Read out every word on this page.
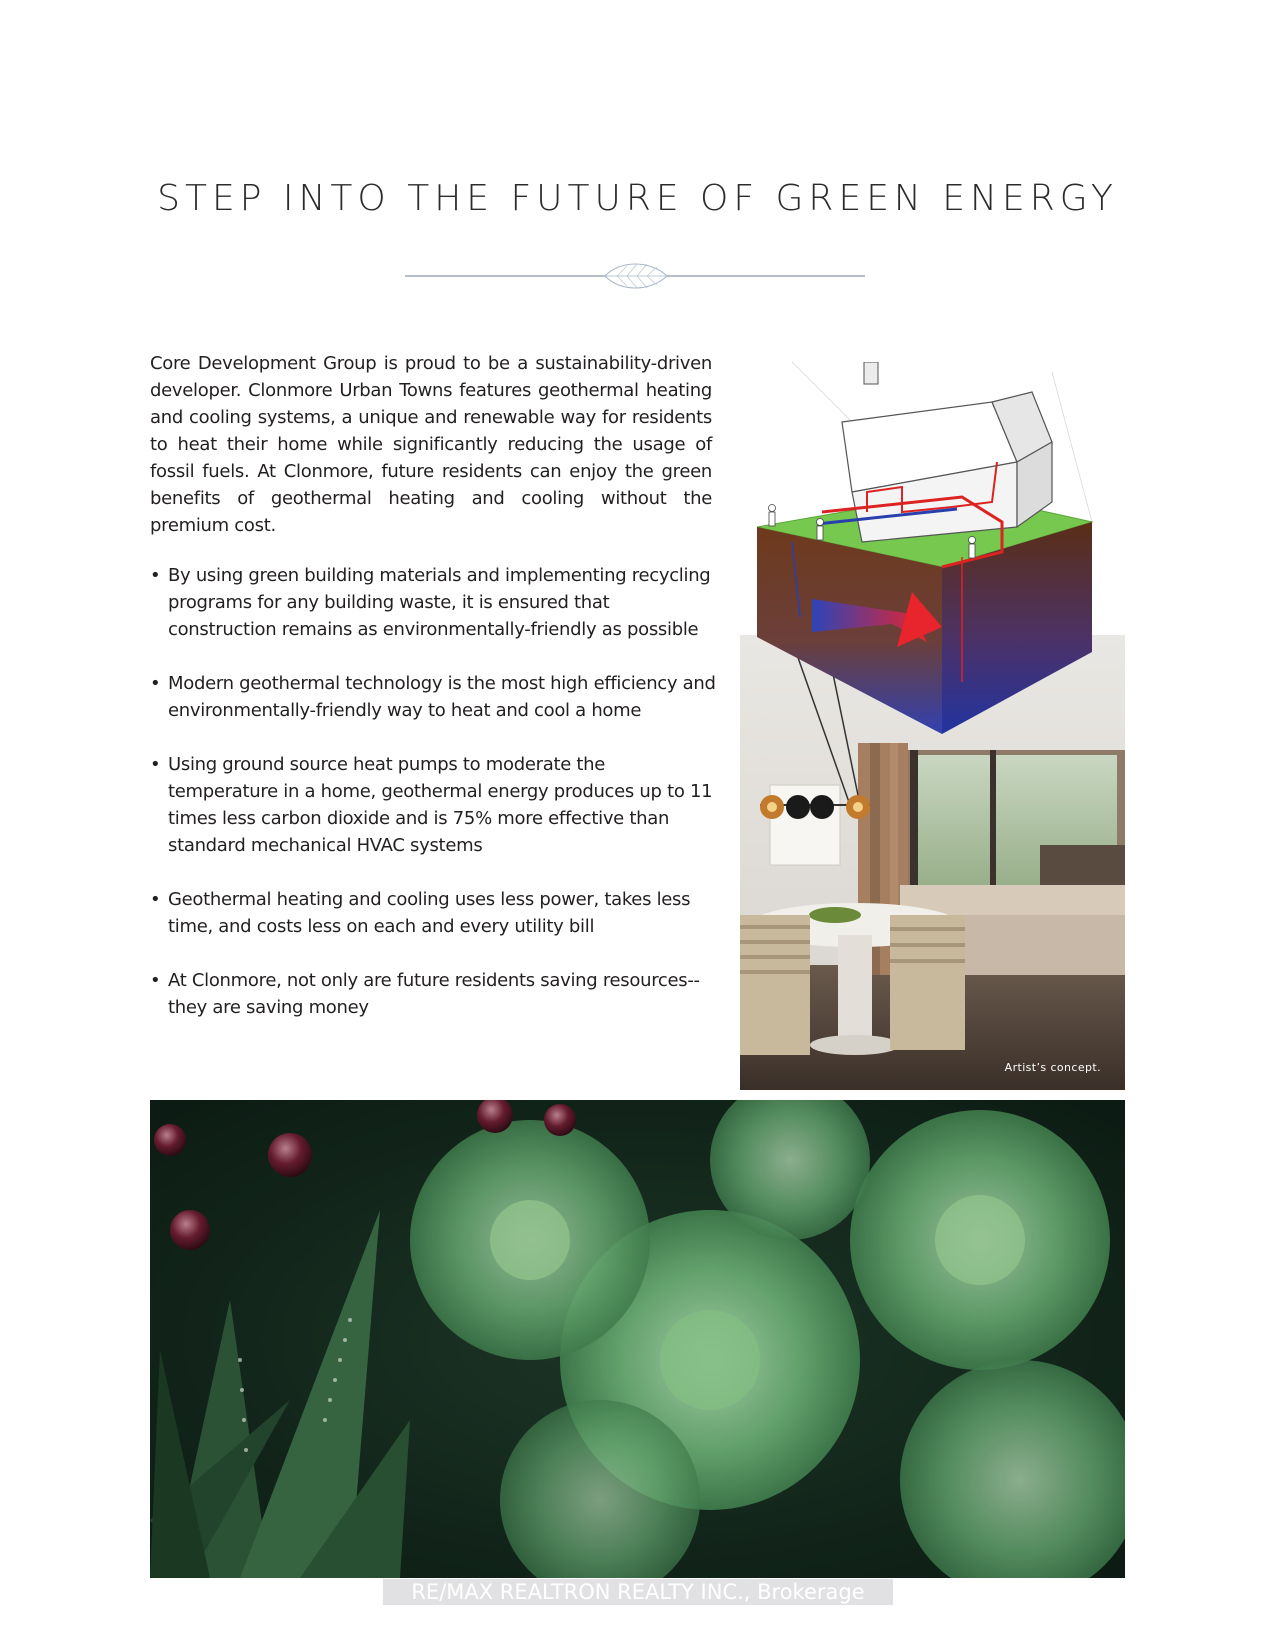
STEP INTO THE FUTURE OF GREEN ENERGY
Core Development Group is proud to be a sustainability-driven developer. Clonmore Urban Towns features geothermal heating and cooling systems, a unique and renewable way for residents to heat their home while significantly reducing the usage of fossil fuels. At Clonmore, future residents can enjoy the green benefits of geothermal heating and cooling without the premium cost.
• By using green building materials and implementing recycling programs for any building waste, it is ensured that construction remains as environmentally-friendly as possible
• Modern geothermal technology is the most high efficiency and environmentally-friendly way to heat and cool a home
• Using ground source heat pumps to moderate the temperature in a home, geothermal energy produces up to 11 times less carbon dioxide and is 75% more effective than standard mechanical HVAC systems
• Geothermal heating and cooling uses less power, takes less time, and costs less on each and every utility bill
• At Clonmore, not only are future residents saving resources--they are saving money
Artist’s concept.
RE/MAX REALTRON REALTY INC., Brokerage
